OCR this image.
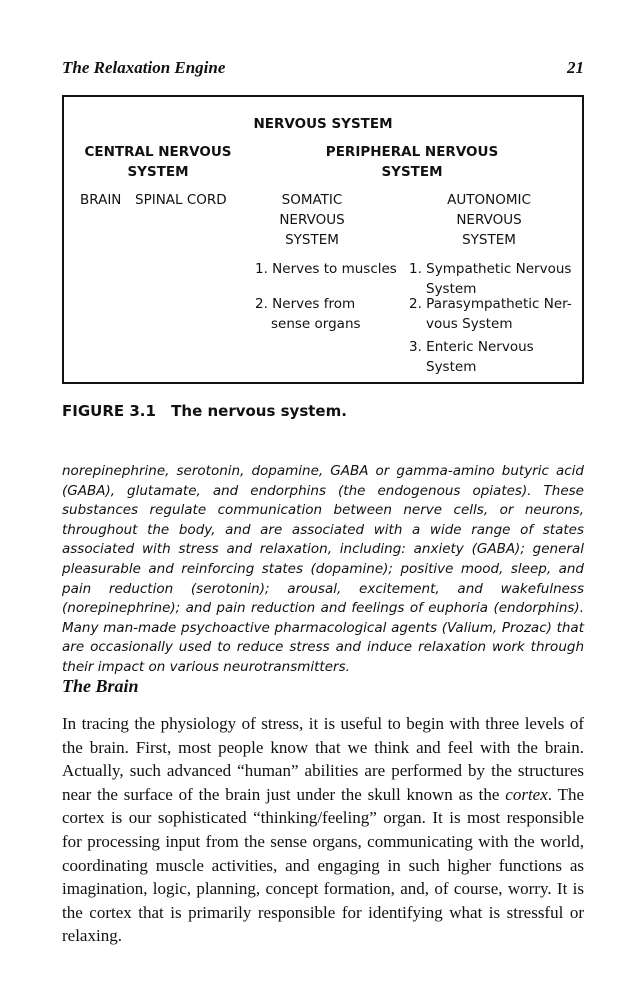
The Relaxation Engine	21
NERVOUS SYSTEM
CENTRAL NERVOUS
SYSTEM
PERIPHERAL NERVOUS
SYSTEM
BRAIN SPINAL CORD	SOMATIC
NERVOUS
SYSTEM
AUTONOMIC
NERVOUS
SYSTEM
1. Nerves to muscles
2. Nerves from
sense organs
1. Sympathetic Nervous
System
2. Parasympathetic Ner-
vous System
3. Enteric Nervous
System
FIGURE 3.1 The nervous system.

norepinephrine, serotonin, dopamine, GABA or gamma-amino butyric acid (GABA), glutamate, and endorphins (the endogenous opiates). These substances regulate communication between nerve cells, or neurons, throughout the body, and are associated with a wide range of states associated with stress and relaxation, including: anxiety (GABA); general pleasurable and reinforcing states (dopamine); positive mood, sleep, and pain reduction (serotonin); arousal, excitement, and wakefulness (norepinephrine); and pain reduction and feelings of euphoria (endorphins). Many man-made psychoactive pharmacological agents (Valium, Prozac) that are occasionally used to reduce stress and induce relaxation work through their impact on various neurotransmitters.

The Brain

In tracing the physiology of stress, it is useful to begin with three levels of the brain. First, most people know that we think and feel with the brain. Actually, such advanced “human” abilities are performed by the structures near the surface of the brain just under the skull known as the cortex. The cortex is our sophisticated “thinking/feeling” organ. It is most responsible for processing input from the sense organs, communicating with the world, coordinating muscle activities, and engaging in such higher functions as imagination, logic, planning, concept formation, and, of course, worry. It is the cortex that is primarily responsible for identifying what is stressful or relaxing.
